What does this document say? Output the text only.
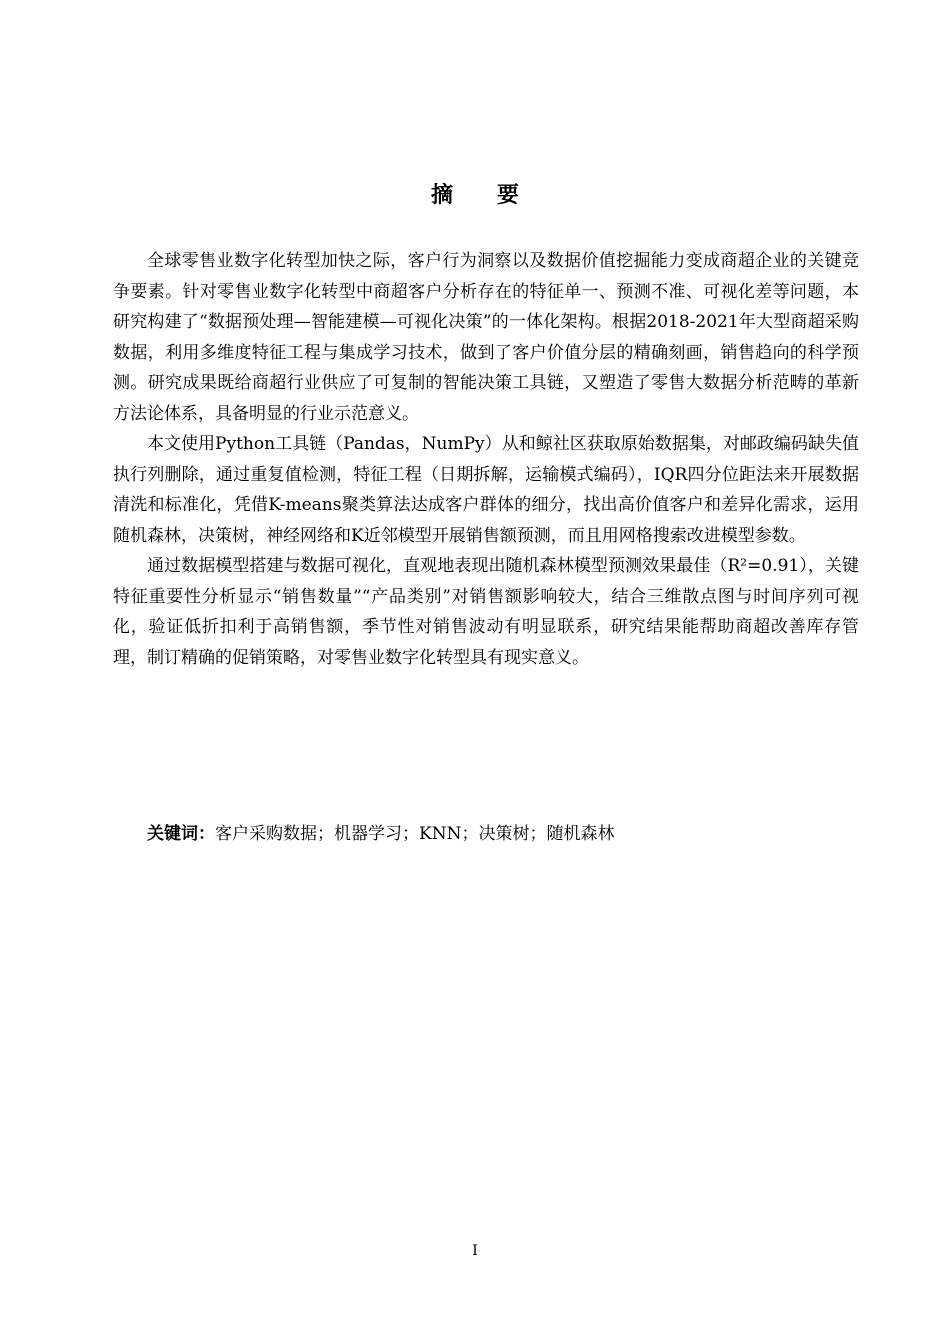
摘 要

全球零售业数字化转型加快之际，客户行为洞察以及数据价值挖掘能力变成商超企业的关键竞争要素。针对零售业数字化转型中商超客户分析存在的特征单一、预测不准、可视化差等问题，本研究构建了“数据预处理—智能建模—可视化决策”的一体化架构。根据2018-2021年大型商超采购数据，利用多维度特征工程与集成学习技术，做到了客户价值分层的精确刻画，销售趋向的科学预测。研究成果既给商超行业供应了可复制的智能决策工具链，又塑造了零售大数据分析范畴的革新方法论体系，具备明显的行业示范意义。

本文使用Python工具链（Pandas，NumPy）从和鲸社区获取原始数据集，对邮政编码缺失值执行列删除，通过重复值检测，特征工程（日期拆解，运输模式编码），IQR四分位距法来开展数据清洗和标准化，凭借K-means聚类算法达成客户群体的细分，找出高价值客户和差异化需求，运用随机森林，决策树，神经网络和K近邻模型开展销售额预测，而且用网格搜索改进模型参数。

通过数据模型搭建与数据可视化，直观地表现出随机森林模型预测效果最佳（R²=0.91），关键特征重要性分析显示“销售数量”“产品类别”对销售额影响较大，结合三维散点图与时间序列可视化，验证低折扣利于高销售额，季节性对销售波动有明显联系，研究结果能帮助商超改善库存管理，制订精确的促销策略，对零售业数字化转型具有现实意义。

关键词：客户采购数据；机器学习；KNN；决策树；随机森林
I
